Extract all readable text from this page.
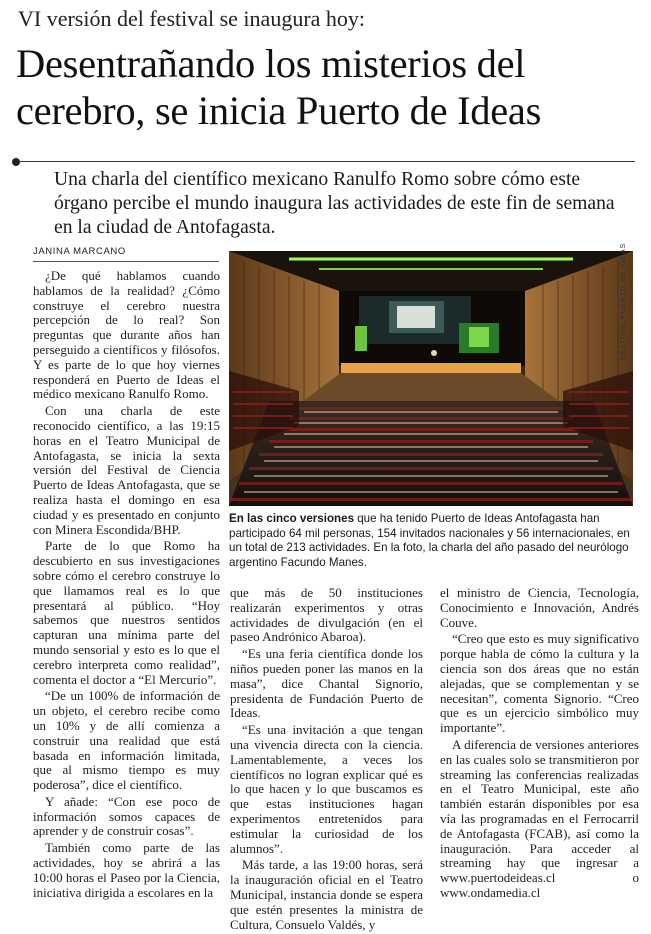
VI versión del festival se inaugura hoy:
Desentrañando los misterios del cerebro, se inicia Puerto de Ideas
Una charla del científico mexicano Ranulfo Romo sobre cómo este órgano percibe el mundo inaugura las actividades de este fin de semana en la ciudad de Antofagasta.
JANINA MARCANO

¿De qué hablamos cuando hablamos de la realidad? ¿Cómo construye el cerebro nuestra percepción de lo real? Son preguntas que durante años han perseguido a científicos y filósofos. Y es parte de lo que hoy viernes responderá en Puerto de Ideas el médico mexicano Ranulfo Romo.

Con una charla de este reconocido científico, a las 19:15 horas en el Teatro Municipal de Antofagasta, se inicia la sexta versión del Festival de Ciencia Puerto de Ideas Antofagasta, que se realiza hasta el domingo en esa ciudad y es presentado en conjunto con Minera Escondida/BHP.

Parte de lo que Romo ha descubierto en sus investigaciones sobre cómo el cerebro construye lo que llamamos real es lo que presentará al público. “Hoy sabemos que nuestros sentidos capturan una mínima parte del mundo sensorial y esto es lo que el cerebro interpreta como realidad”, comenta el doctor a “El Mercurio”.

“De un 100% de información de un objeto, el cerebro recibe como un 10% y de allí comienza a construir una realidad que está basada en información limitada, que al mismo tiempo es muy poderosa”, dice el científico.

Y añade: “Con ese poco de información somos capaces de aprender y de construir cosas”.

También como parte de las actividades, hoy se abrirá a las 10:00 horas el Paseo por la Ciencia, iniciativa dirigida a escolares en la

FESTIVAL PUERTO DE IDEAS
En las cinco versiones que ha tenido Puerto de Ideas Antofagasta han participado 64 mil personas, 154 invitados nacionales y 56 internacionales, en un total de 213 actividades. En la foto, la charla del año pasado del neurólogo argentino Facundo Manes.

que más de 50 instituciones realizarán experimentos y otras actividades de divulgación (en el paseo Andrónico Abaroa).

“Es una feria científica donde los niños pueden poner las manos en la masa”, dice Chantal Signorio, presidenta de Fundación Puerto de Ideas.

“Es una invitación a que tengan una vivencia directa con la ciencia. Lamentablemente, a veces los científicos no logran explicar qué es lo que hacen y lo que buscamos es que estas instituciones hagan experimentos entretenidos para estimular la curiosidad de los alumnos”.

Más tarde, a las 19:00 horas, será la inauguración oficial en el Teatro Municipal, instancia donde se espera que estén presentes la ministra de Cultura, Consuelo Valdés, y

el ministro de Ciencia, Tecnología, Conocimiento e Innovación, Andrés Couve.

“Creo que esto es muy significativo porque habla de cómo la cultura y la ciencia son dos áreas que no están alejadas, que se complementan y se necesitan”, comenta Signorio. “Creo que es un ejercicio simbólico muy importante”.

A diferencia de versiones anteriores en las cuales solo se transmitieron por streaming las conferencias realizadas en el Teatro Municipal, este año también estarán disponibles por esa vía las programadas en el Ferrocarril de Antofagasta (FCAB), así como la inauguración. Para acceder al streaming hay que ingresar a www.puertodeideas.cl o www.ondamedia.cl
